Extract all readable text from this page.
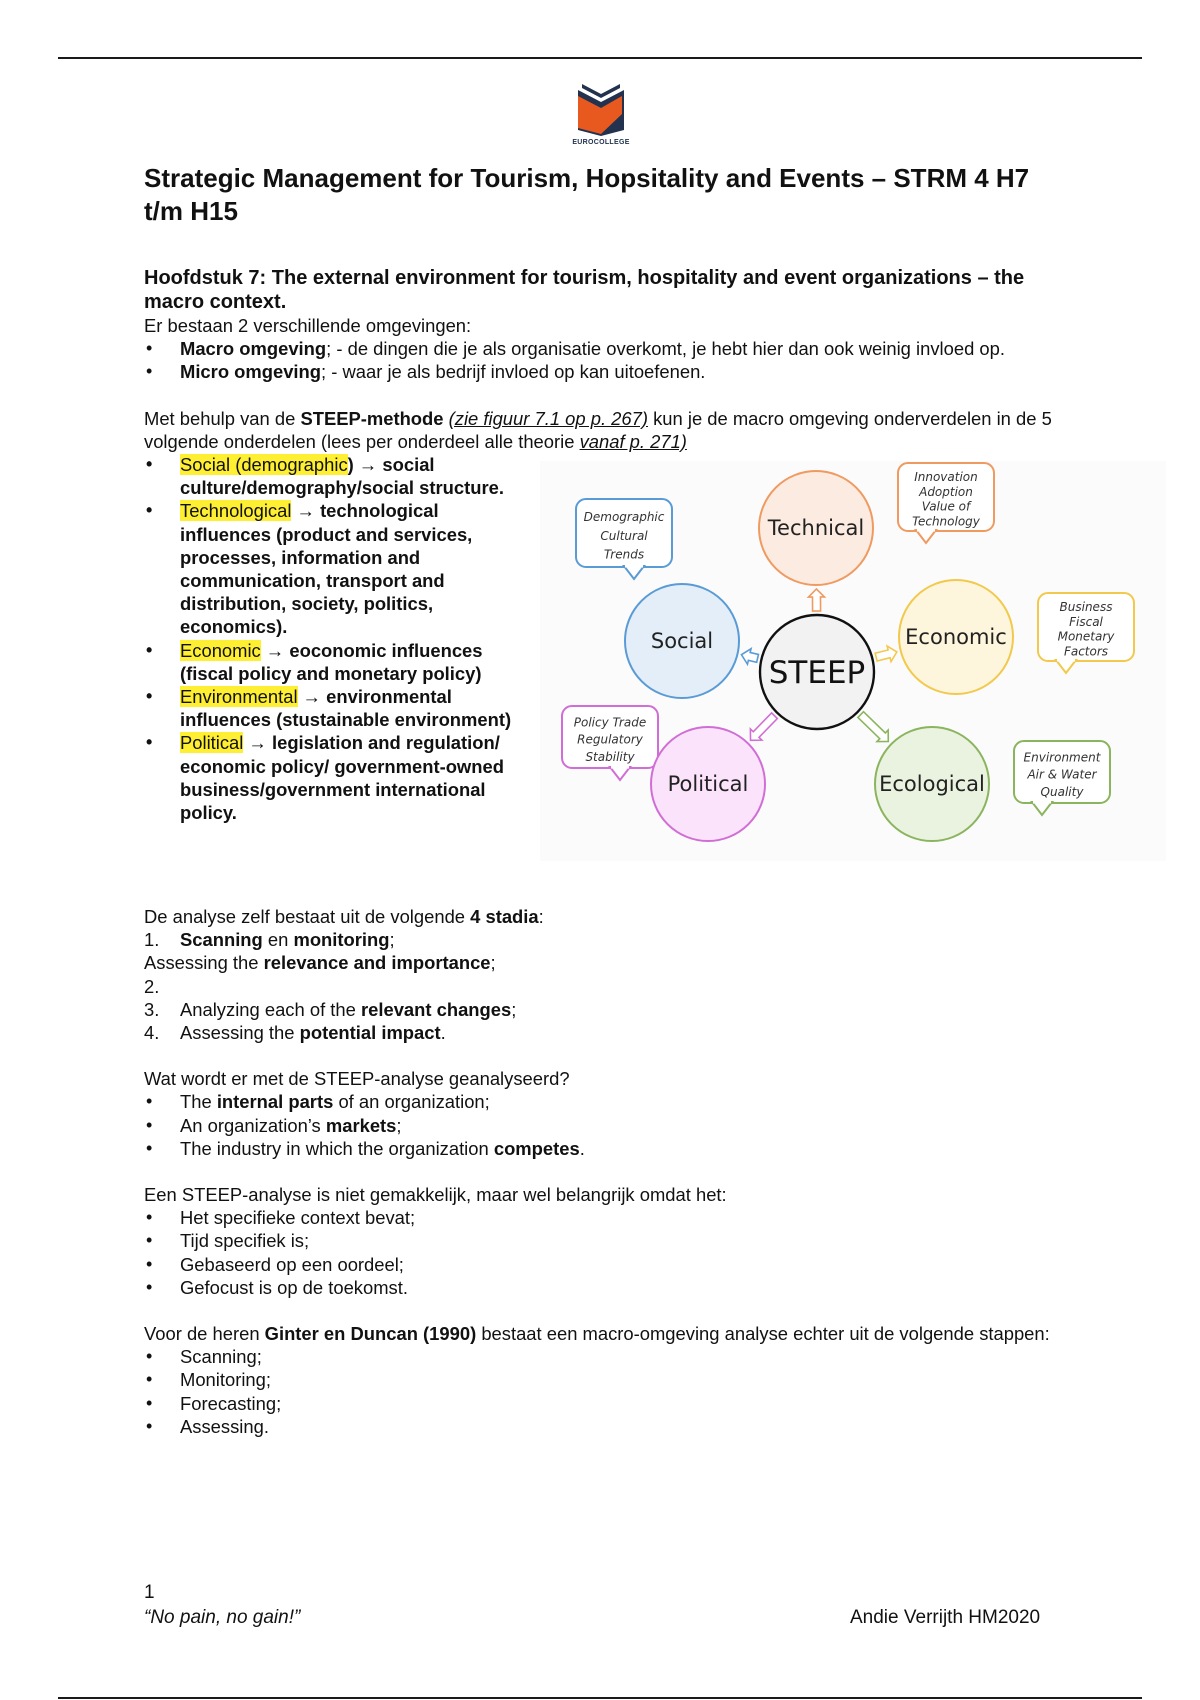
EUROCOLLEGE
Strategic Management for Tourism, Hopsitality and Events – STRM 4 H7 t/m H15

Hoofdstuk 7: The external environment for tourism, hospitality and event organizations – the macro context.

Er bestaan 2 verschillende omgevingen:

• Macro omgeving; - de dingen die je als organisatie overkomt, je hebt hier dan ook weinig invloed op.
• Micro omgeving; - waar je als bedrijf invloed op kan uitoefenen.

Met behulp van de STEEP-methode (zie figuur 7.1 op p. 267) kun je de macro omgeving onderverdelen in de 5 volgende onderdelen (lees per onderdeel alle theorie vanaf p. 271)

• Social (demographic) → social culture/demography/social structure.
• Technological → technological influences (product and services, processes, information and communication, transport and distribution, society, politics, economics).
• Economic → eoconomic influences (fiscal policy and monetary policy)
• Environmental → environmental influences (stustainable environment)
• Political → legislation and regulation/ economic policy/ government-owned business/government international policy.
Innovation
Adoption
Value of
Technology
Technical
Demographic
Cultural
Trends
Social
Business
Fiscal
Monetary
Factors
Economic
Policy Trade
Regulatory
Stability
Political
Environment
Air & Water
Quality
Ecological
STEEP

De analyse zelf bestaat uit de volgende 4 stadia:

1. Scanning en monitoring;

Assessing the relevance and importance;

2.

3. Analyzing each of the relevant changes;
4. Assessing the potential impact.

Wat wordt er met de STEEP-analyse geanalyseerd?

• The internal parts of an organization;
• An organization’s markets;
• The industry in which the organization competes.

Een STEEP-analyse is niet gemakkelijk, maar wel belangrijk omdat het:

• Het specifieke context bevat;
• Tijd specifiek is;
• Gebaseerd op een oordeel;
• Gefocust is op de toekomst.

Voor de heren Ginter en Duncan (1990) bestaat een macro-omgeving analyse echter uit de volgende stappen:

• Scanning;
• Monitoring;
• Forecasting;
• Assessing.
1
“No pain, no gain!”	Andie Verrijth HM2020
